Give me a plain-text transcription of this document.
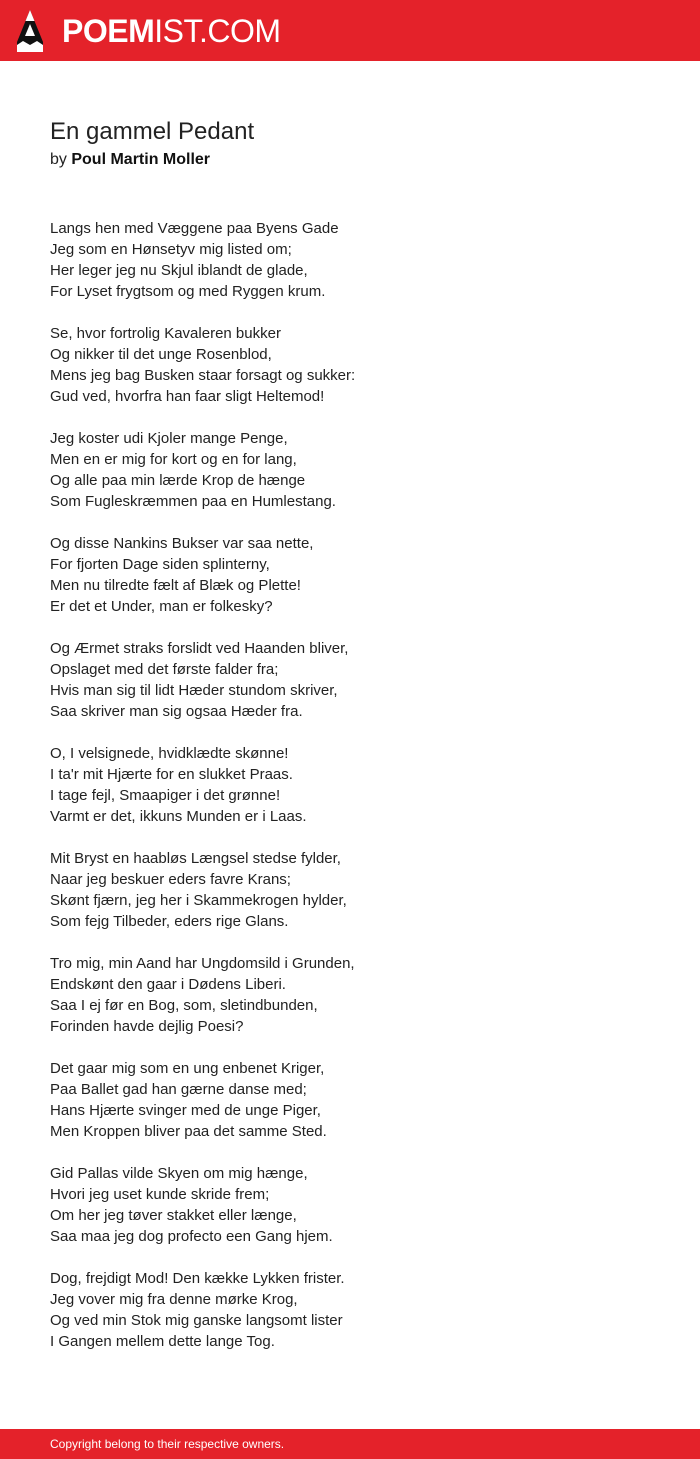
POEMIST.COM
En gammel Pedant
by Poul Martin Moller
Langs hen med Væggene paa Byens Gade
Jeg som en Hønsetyv mig listed om;
Her leger jeg nu Skjul iblandt de glade,
For Lyset frygtsom og med Ryggen krum.
Se, hvor fortrolig Kavaleren bukker
Og nikker til det unge Rosenblod,
Mens jeg bag Busken staar forsagt og sukker:
Gud ved, hvorfra han faar sligt Heltemod!
Jeg koster udi Kjoler mange Penge,
Men en er mig for kort og en for lang,
Og alle paa min lærde Krop de hænge
Som Fugleskræmmen paa en Humlestang.
Og disse Nankins Bukser var saa nette,
For fjorten Dage siden splinterny,
Men nu tilredte fælt af Blæk og Plette!
Er det et Under, man er folkesky?
Og Ærmet straks forslidt ved Haanden bliver,
Opslaget med det første falder fra;
Hvis man sig til lidt Hæder stundom skriver,
Saa skriver man sig ogsaa Hæder fra.
O, I velsignede, hvidklædte skønne!
I ta'r mit Hjærte for en slukket Praas.
I tage fejl, Smaapiger i det grønne!
Varmt er det, ikkuns Munden er i Laas.
Mit Bryst en haabløs Længsel stedse fylder,
Naar jeg beskuer eders favre Krans;
Skønt fjærn, jeg her i Skammekrogen hylder,
Som fejg Tilbeder, eders rige Glans.
Tro mig, min Aand har Ungdomsild i Grunden,
Endskønt den gaar i Dødens Liberi.
Saa I ej før en Bog, som, sletindbunden,
Forinden havde dejlig Poesi?
Det gaar mig som en ung enbenet Kriger,
Paa Ballet gad han gærne danse med;
Hans Hjærte svinger med de unge Piger,
Men Kroppen bliver paa det samme Sted.
Gid Pallas vilde Skyen om mig hænge,
Hvori jeg uset kunde skride frem;
Om her jeg tøver stakket eller længe,
Saa maa jeg dog profecto een Gang hjem.
Dog, frejdigt Mod! Den kække Lykken frister.
Jeg vover mig fra denne mørke Krog,
Og ved min Stok mig ganske langsomt lister
I Gangen mellem dette lange Tog.
Copyright belong to their respective owners.
